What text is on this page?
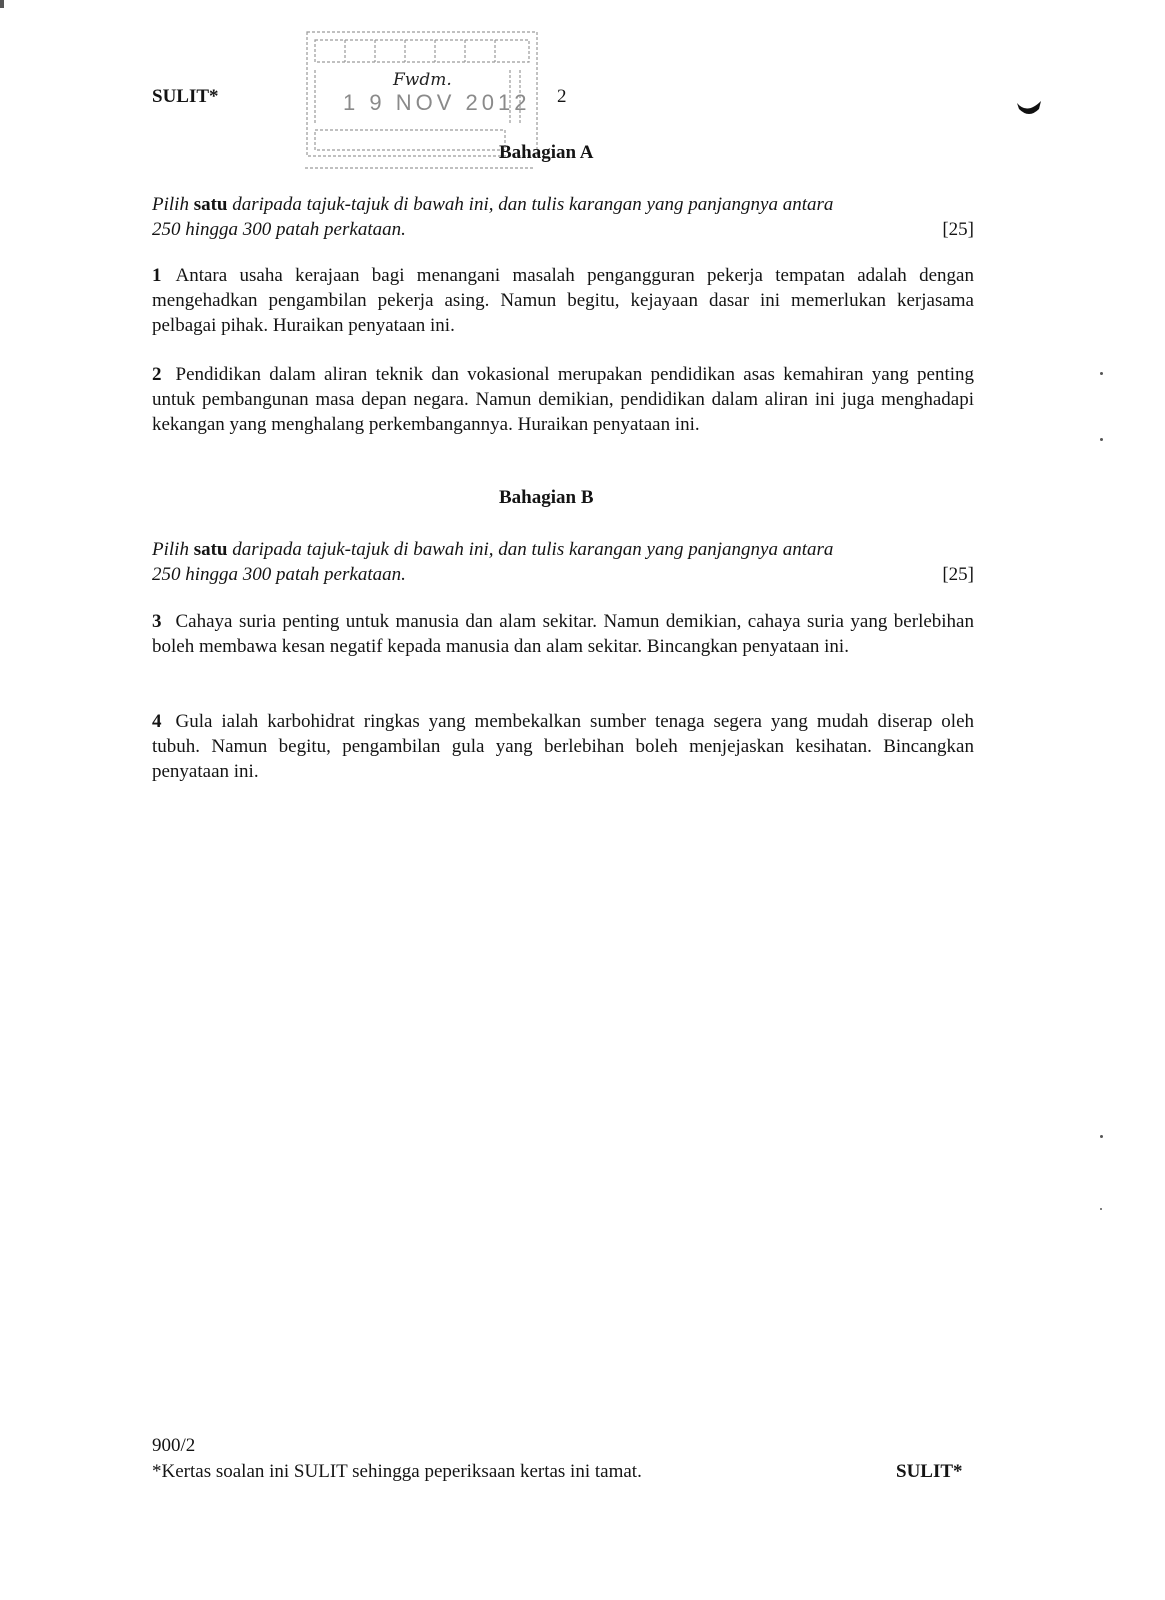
SULIT*	2
1 9 NOV 2012
Fwdm.
Bahagian A
Pilih satu daripada tajuk-tajuk di bawah ini, dan tulis karangan yang panjangnya antara
250 hingga 300 patah perkataan.	[25]
1 Antara usaha kerajaan bagi menangani masalah pengangguran pekerja tempatan adalah dengan mengehadkan pengambilan pekerja asing. Namun begitu, kejayaan dasar ini memerlukan kerjasama pelbagai pihak. Huraikan penyataan ini.
2 Pendidikan dalam aliran teknik dan vokasional merupakan pendidikan asas kemahiran yang penting untuk pembangunan masa depan negara. Namun demikian, pendidikan dalam aliran ini juga menghadapi kekangan yang menghalang perkembangannya. Huraikan penyataan ini.
Bahagian B
Pilih satu daripada tajuk-tajuk di bawah ini, dan tulis karangan yang panjangnya antara
250 hingga 300 patah perkataan.	[25]
3 Cahaya suria penting untuk manusia dan alam sekitar. Namun demikian, cahaya suria yang berlebihan boleh membawa kesan negatif kepada manusia dan alam sekitar. Bincangkan penyataan ini.
4 Gula ialah karbohidrat ringkas yang membekalkan sumber tenaga segera yang mudah diserap oleh tubuh. Namun begitu, pengambilan gula yang berlebihan boleh menjejaskan kesihatan. Bincangkan penyataan ini.
900/2
*Kertas soalan ini SULIT sehingga peperiksaan kertas ini tamat.	SULIT*
